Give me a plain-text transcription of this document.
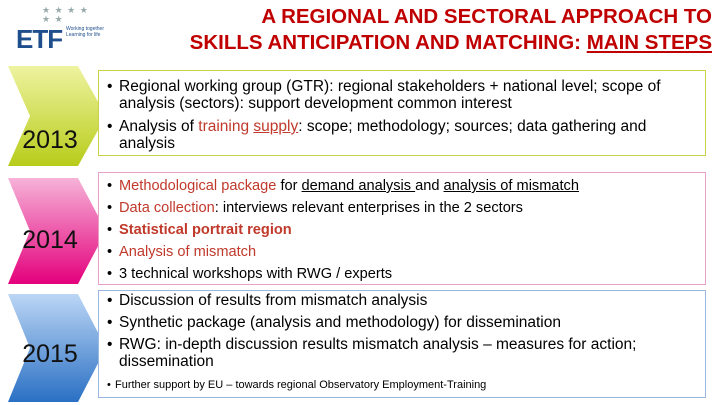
★ ★ ★ ★ ★ ★
ETF Working together Learning for life
A REGIONAL AND SECTORAL APPROACH TO
SKILLS ANTICIPATION AND MATCHING: MAIN STEPS
2013
2014
2015
• Regional working group (GTR): regional stakeholders + national level; scope of analysis (sectors): support development common interest
• Analysis of training supply: scope; methodology; sources; data gathering and analysis
• Methodological package for demand analysis and analysis of mismatch
• Data collection: interviews relevant enterprises in the 2 sectors
• Statistical portrait region
• Analysis of mismatch
• 3 technical workshops with RWG / experts
• Discussion of results from mismatch analysis
• Synthetic package (analysis and methodology) for dissemination
• RWG: in-depth discussion results mismatch analysis – measures for action; dissemination
• Further support by EU – towards regional Observatory Employment-Training
